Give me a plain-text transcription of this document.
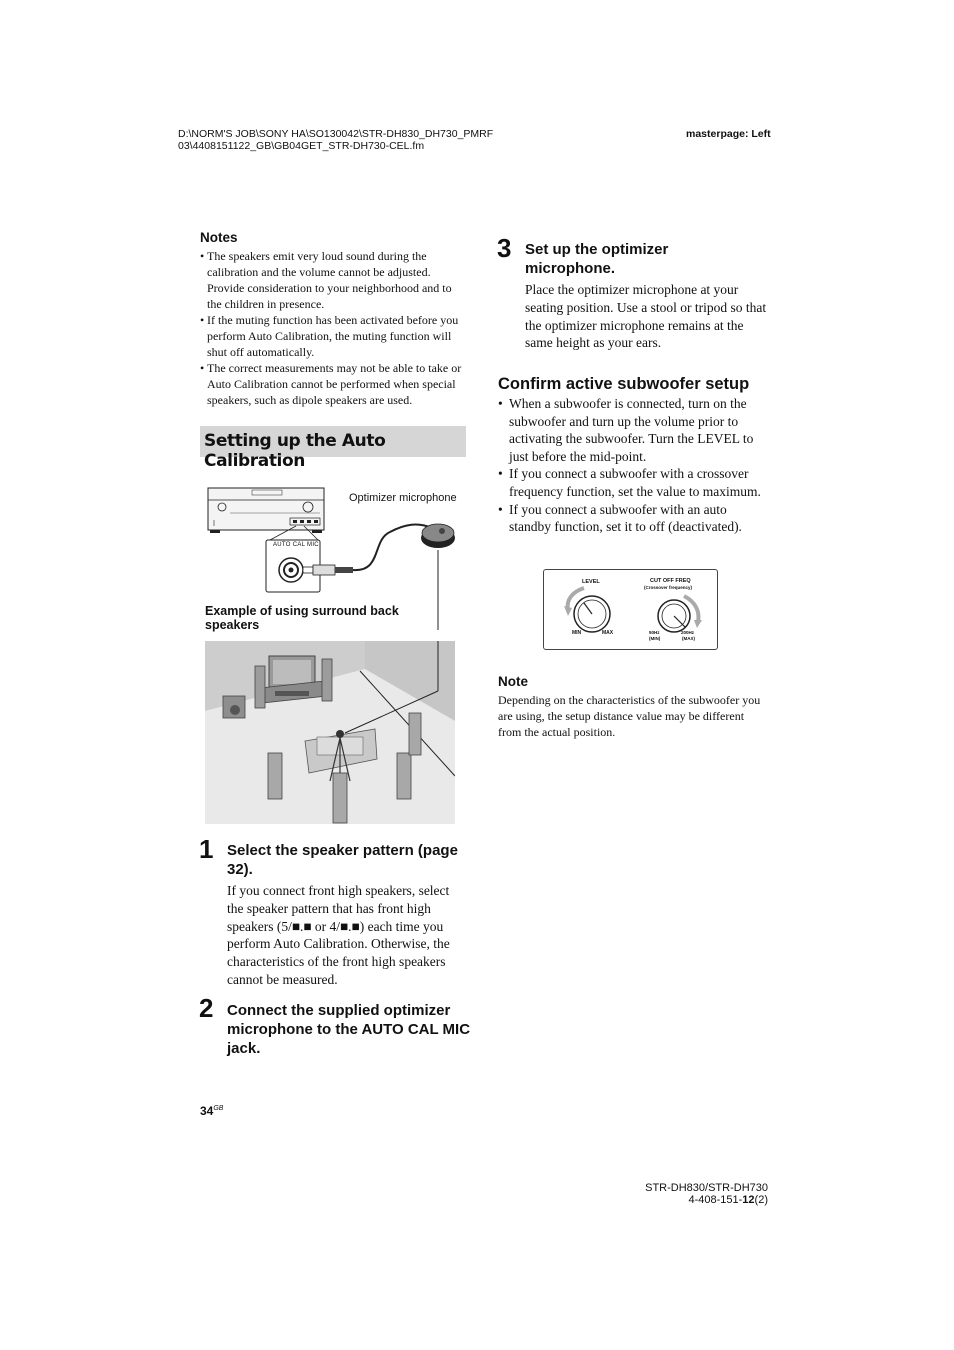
D:\NORM'S JOB\SONY HA\SO130042\STR-DH830_DH730_PMRF
03\4408151122_GB\GB04GET_STR-DH730-CEL.fm
masterpage: Left
Notes
• The speakers emit very loud sound during the calibration and the volume cannot be adjusted. Provide consideration to your neighborhood and to the children in presence.
• If the muting function has been activated before you perform Auto Calibration, the muting function will shut off automatically.
• The correct measurements may not be able to take or Auto Calibration cannot be performed when special speakers, such as dipole speakers are used.
Setting up the Auto Calibration
Optimizer microphone
AUTO CAL MIC
Example of using surround back speakers
1 Select the speaker pattern (page 32).
If you connect front high speakers, select the speaker pattern that has front high speakers (5/■.■ or 4/■.■) each time you perform Auto Calibration. Otherwise, the characteristics of the front high speakers cannot be measured.
2 Connect the supplied optimizer microphone to the AUTO CAL MIC jack.
3 Set up the optimizer microphone.
Place the optimizer microphone at your seating position. Use a stool or tripod so that the optimizer microphone remains at the same height as your ears.
Confirm active subwoofer setup
• When a subwoofer is connected, turn on the subwoofer and turn up the volume prior to activating the subwoofer. Turn the LEVEL to just before the mid-point.
• If you connect a subwoofer with a crossover frequency function, set the value to maximum.
• If you connect a subwoofer with an auto standby function, set it to off (deactivated).
LEVEL
MIN	MAX
CUT OFF FREQ
(Crossover frequency)
50Hz
(MIN)
200Hz
(MAX)
Note
Depending on the characteristics of the subwoofer you are using, the setup distance value may be different from the actual position.
$34^{GB}$
STR-DH830/STR-DH730
4-408-151-12(2)
